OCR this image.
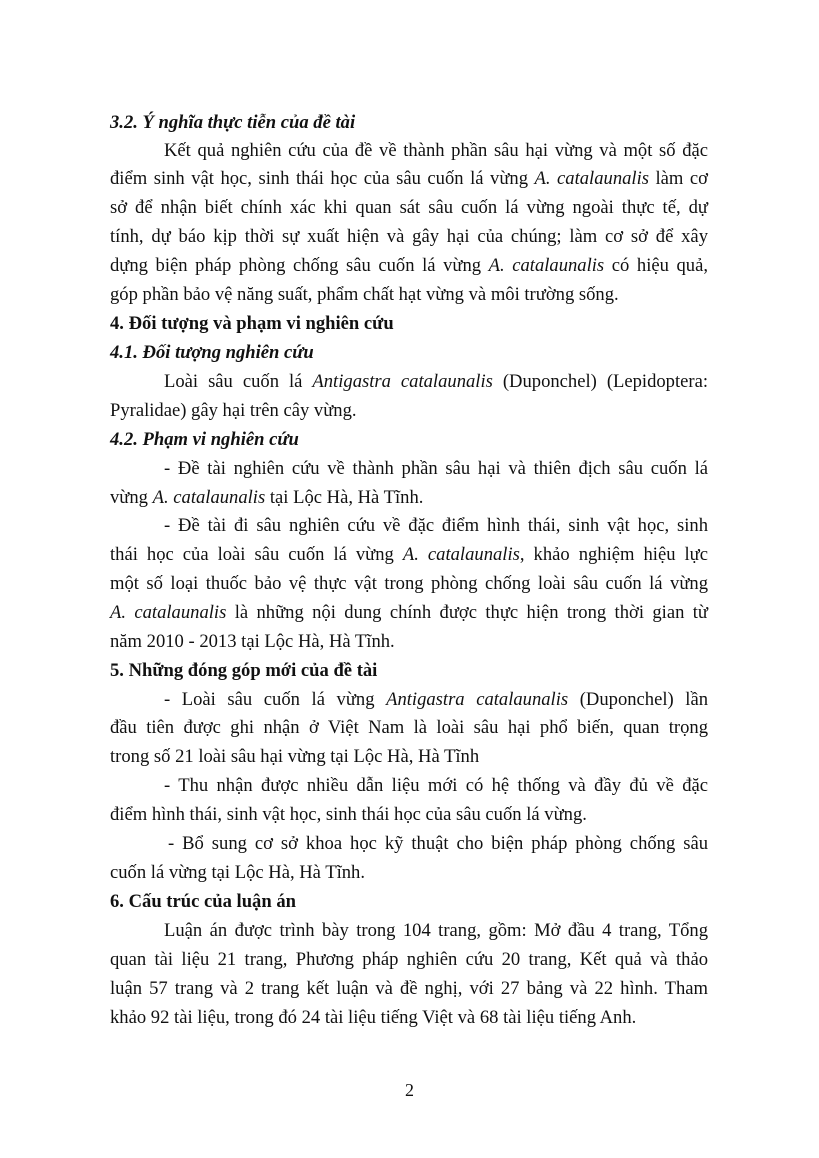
3.2. Ý nghĩa thực tiễn của đề tài
Kết quả nghiên cứu của đề về thành phần sâu hại vừng và một số đặc
điểm sinh vật học, sinh thái học của sâu cuốn lá vừng A. catalaunalis làm cơ
sở để nhận biết chính xác khi quan sát sâu cuốn lá vừng ngoài thực tế, dự
tính, dự báo kịp thời sự xuất hiện và gây hại của chúng; làm cơ sở để xây
dựng biện pháp phòng chống sâu cuốn lá vừng A. catalaunalis có hiệu quả,
góp phần bảo vệ năng suất, phẩm chất hạt vừng và môi trường sống.
4. Đối tượng và phạm vi nghiên cứu
4.1. Đối tượng nghiên cứu
Loài sâu cuốn lá Antigastra catalaunalis (Duponchel) (Lepidoptera:
Pyralidae) gây hại trên cây vừng.
4.2. Phạm vi nghiên cứu
- Đề tài nghiên cứu về thành phần sâu hại và thiên địch sâu cuốn lá
vừng A. catalaunalis tại Lộc Hà, Hà Tĩnh.
- Đề tài đi sâu nghiên cứu về đặc điểm hình thái, sinh vật học, sinh
thái học của loài sâu cuốn lá vừng A. catalaunalis, khảo nghiệm hiệu lực
một số loại thuốc bảo vệ thực vật trong phòng chống loài sâu cuốn lá vừng
A. catalaunalis là những nội dung chính được thực hiện trong thời gian từ
năm 2010 - 2013 tại Lộc Hà, Hà Tĩnh.
5. Những đóng góp mới của đề tài
- Loài sâu cuốn lá vừng Antigastra catalaunalis (Duponchel) lần
đầu tiên được ghi nhận ở Việt Nam là loài sâu hại phổ biến, quan trọng
trong số 21 loài sâu hại vừng tại Lộc Hà, Hà Tĩnh
- Thu nhận được nhiều dẫn liệu mới có hệ thống và đầy đủ về đặc
điểm hình thái, sinh vật học, sinh thái học của sâu cuốn lá vừng.
- Bổ sung cơ sở khoa học kỹ thuật cho biện pháp phòng chống sâu
cuốn lá vừng tại Lộc Hà, Hà Tĩnh.
6. Cấu trúc của luận án
Luận án được trình bày trong 104 trang, gồm: Mở đầu 4 trang, Tổng
quan tài liệu 21 trang, Phương pháp nghiên cứu 20 trang, Kết quả và thảo
luận 57 trang và 2 trang kết luận và đề nghị, với 27 bảng và 22 hình. Tham
khảo 92 tài liệu, trong đó 24 tài liệu tiếng Việt và 68 tài liệu tiếng Anh.
2
